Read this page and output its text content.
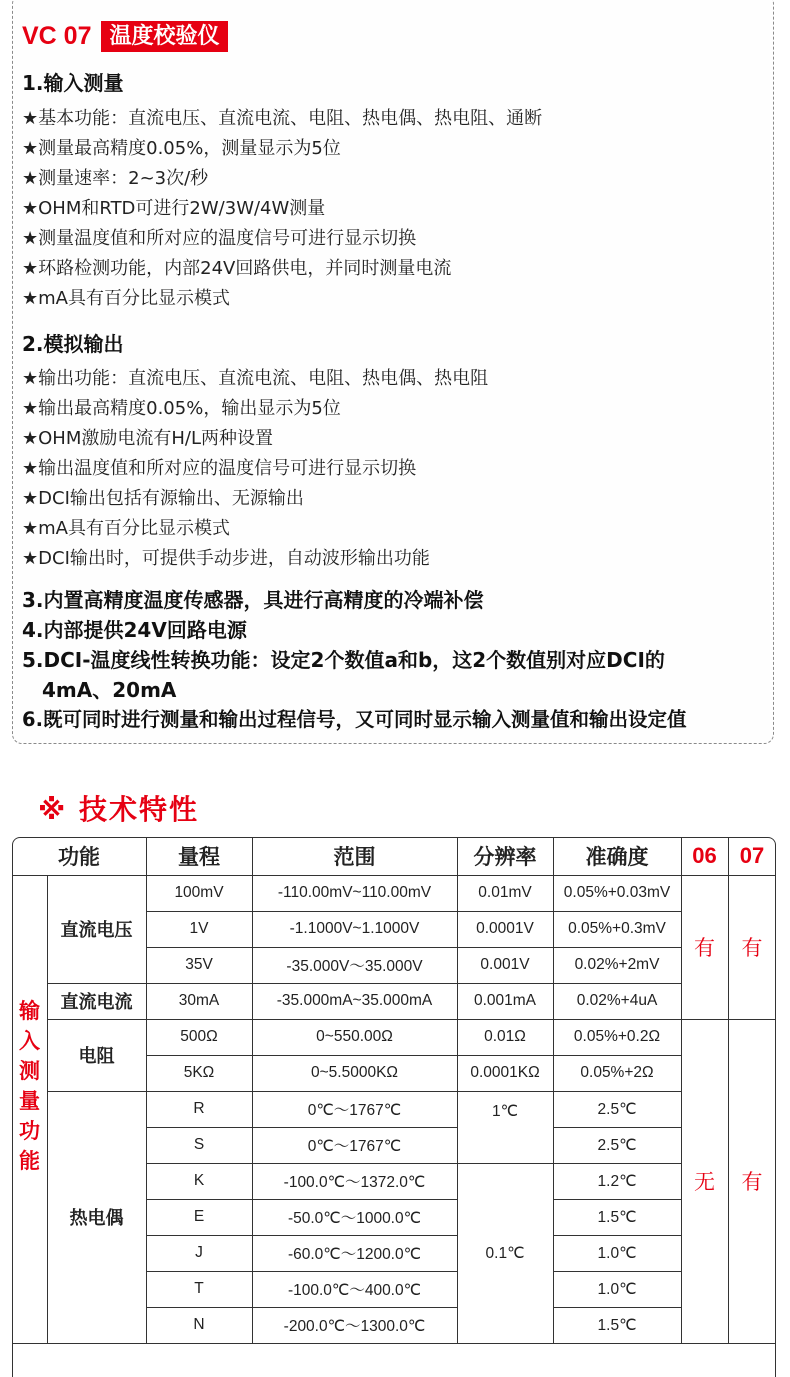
VC 07 温度校验仪
1.输入测量
★基本功能：直流电压、直流电流、电阻、热电偶、热电阻、通断
★测量最高精度0.05%，测量显示为5位
★测量速率：2~3次/秒
★OHM和RTD可进行2W/3W/4W测量
★测量温度值和所对应的温度信号可进行显示切换
★环路检测功能，内部24V回路供电，并同时测量电流
★mA具有百分比显示模式
2.模拟输出
★输出功能：直流电压、直流电流、电阻、热电偶、热电阻
★输出最高精度0.05%，输出显示为5位
★OHM激励电流有H/L两种设置
★输出温度值和所对应的温度信号可进行显示切换
★DCI输出包括有源输出、无源输出
★mA具有百分比显示模式
★DCI输出时，可提供手动步进，自动波形输出功能
3.内置高精度温度传感器，具进行高精度的冷端补偿
4.内部提供24V回路电源
5.DCI-温度线性转换功能：设定2个数值a和b，这2个数值别对应DCI的
4mA、20mA
6.既可同时进行测量和输出过程信号，又可同时显示输入测量值和输出设定值
※ 技术特性
功能		量程	范围	分辨率	准确度	06	07
输入测量功能	直流电压	100mV	-110.00mV~110.00mV	0.01mV	0.05%+0.03mV	有	有
		1V	-1.1000V~1.1000V	0.0001V	0.05%+0.3mV		
		35V	-35.000V～35.000V	0.001V	0.02%+2mV		
	直流电流	30mA	-35.000mA~35.000mA	0.001mA	0.02%+4uA		
	电阻	500Ω	0~550.00Ω	0.01Ω	0.05%+0.2Ω	无	有
		5KΩ	0~5.5000KΩ	0.0001KΩ	0.05%+2Ω		
	热电偶	R	0℃～1767℃	1℃	2.5℃		
		S	0℃～1767℃		2.5℃		
		K	-100.0℃～1372.0℃	0.1℃	1.2℃		
		E	-50.0℃～1000.0℃		1.5℃		
		J	-60.0℃～1200.0℃		1.0℃		
		T	-100.0℃～400.0℃		1.0℃		
		N	-200.0℃～1300.0℃		1.5℃		
